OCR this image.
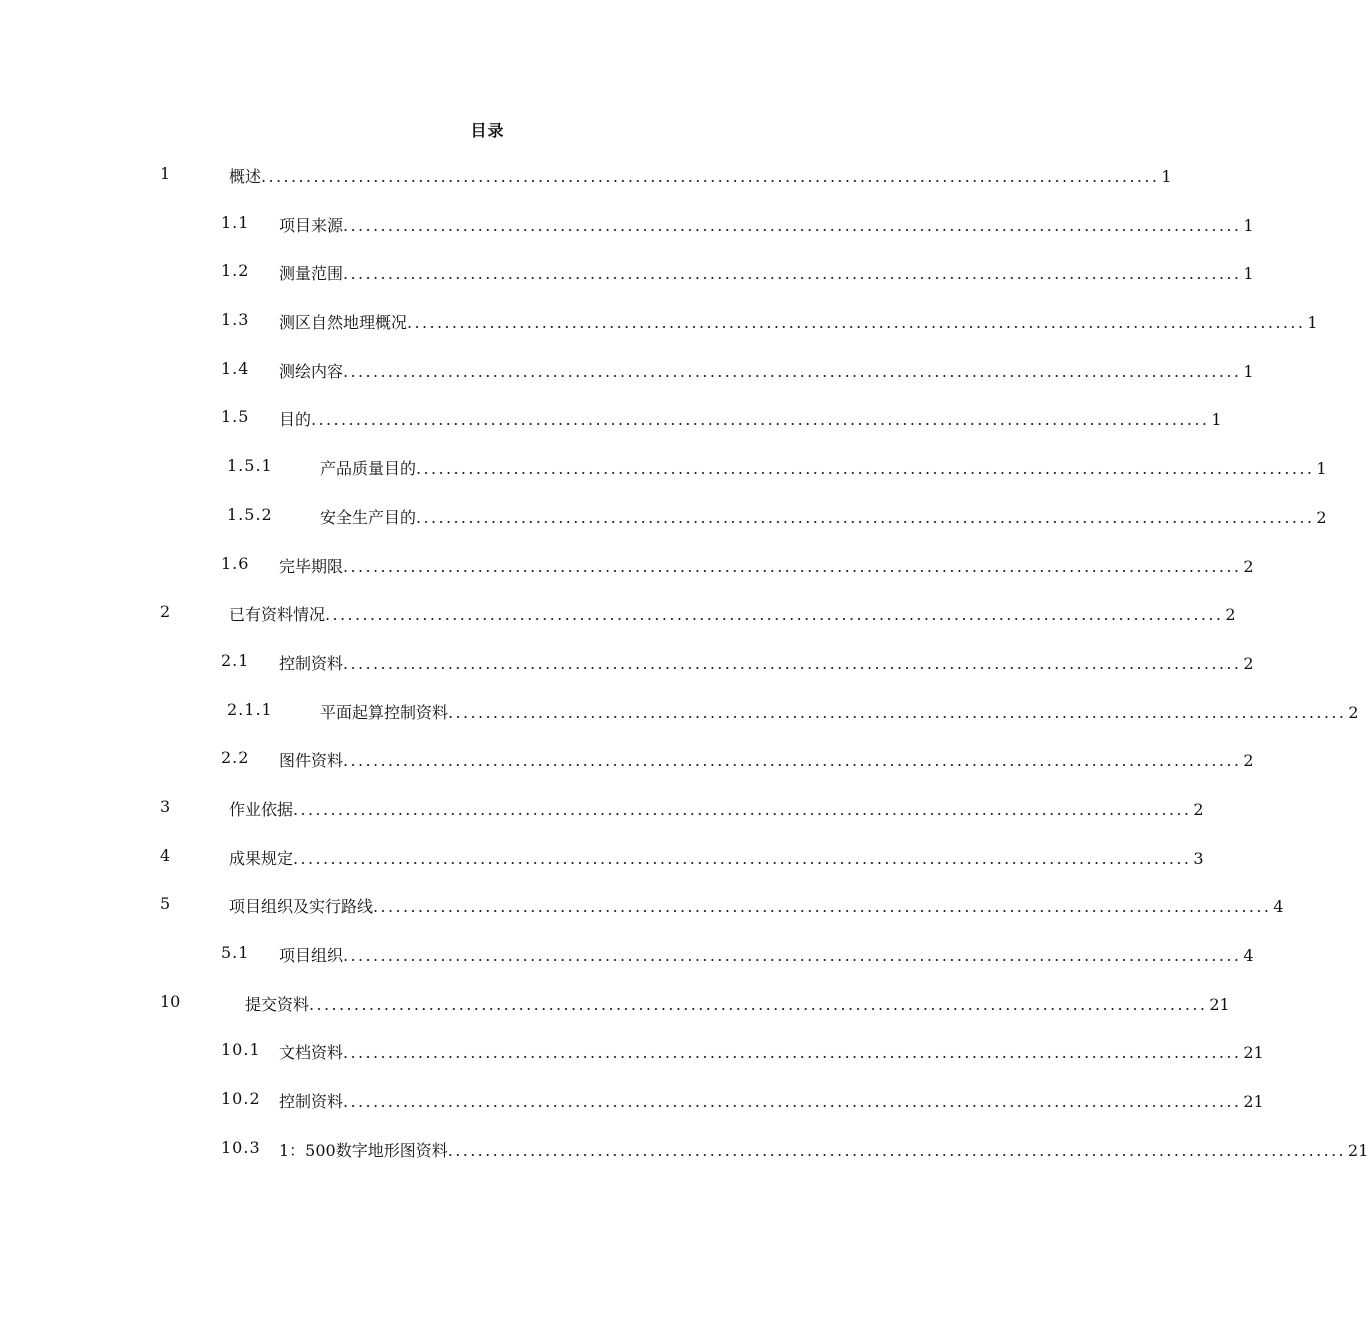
目录
1	概述 ........................................................................................................................ 1
1.1 项目来源 ........................................................................................................................ 1
1.2 测量范围 ........................................................................................................................ 1
1.3 测区自然地理概况 ........................................................................................................................ 1
1.4 测绘内容 ........................................................................................................................ 1
1.5 目的 ........................................................................................................................ 1
1.5.1	产品质量目的 ........................................................................................................................ 1
1.5.2	安全生产目的 ........................................................................................................................ 2
1.6 完毕期限 ........................................................................................................................ 2
2	已有资料情况 ........................................................................................................................ 2
2.1 控制资料 ........................................................................................................................ 2
2.1.1	平面起算控制资料 ........................................................................................................................ 2
2.2 图件资料 ........................................................................................................................ 2
3	作业依据 ........................................................................................................................ 2
4	成果规定 ........................................................................................................................ 3
5	项目组织及实行路线 ........................................................................................................................ 4
5.1 项目组织 ........................................................................................................................ 4
10	提交资料 ........................................................................................................................ 21
10.1 文档资料 ........................................................................................................................ 21
10.2 控制资料 ........................................................................................................................ 21
10.3 1：500数字地形图资料 ........................................................................................................................ 21
